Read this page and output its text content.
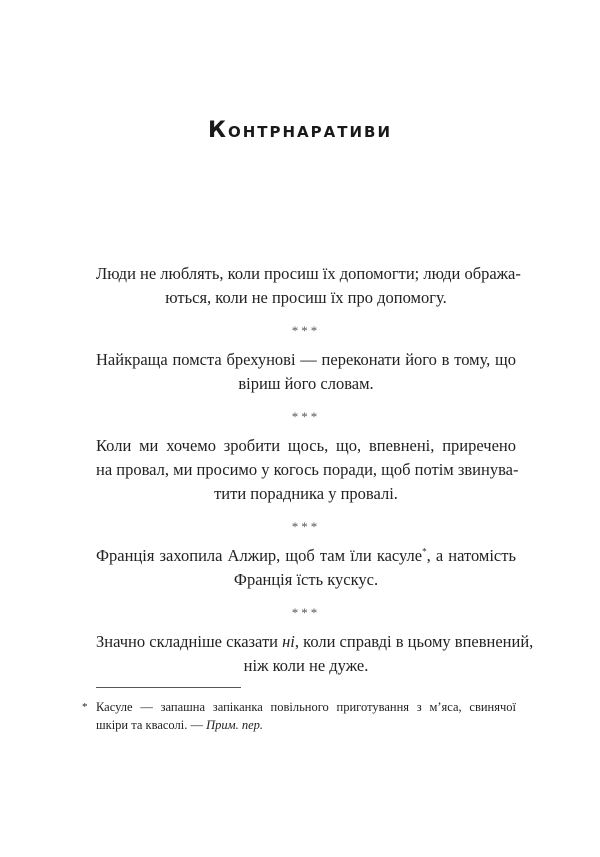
Контрнаративи

Люди не люблять, коли просиш їх допомогти; люди обража-
ються, коли не просиш їх про допомогу.

***

Найкраща помста брехунові — переконати його в тому, що
віриш його словам.

***

Коли ми хочемо зробити щось, що, впевнені, приречено
на провал, ми просимо у когось поради, щоб потім звинува-
тити порадника у провалі.

***

Франція захопила Алжир, щоб там їли касуле*, а натомість
Франція їсть кускус.

***

Значно складніше сказати ні, коли справді в цьому впевнений,
ніж коли не дуже.

* Касуле — запашна запіканка повільного приготування з м’яса, свинячої
шкіри та квасолі. — Прим. пер.
